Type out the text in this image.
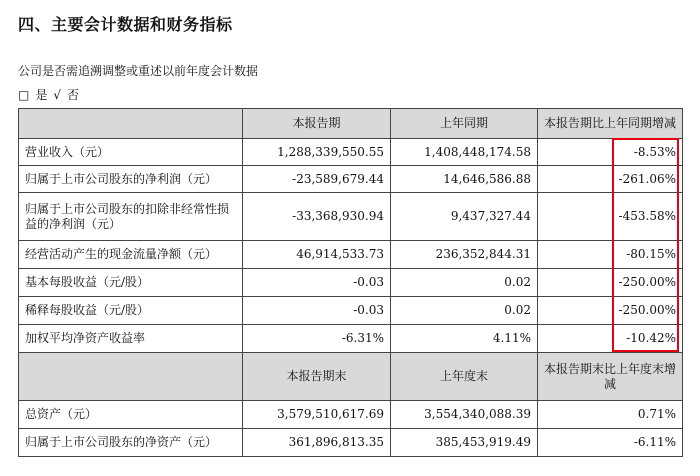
四、主要会计数据和财务指标
公司是否需追溯调整或重述以前年度会计数据
□ 是 √ 否
	本报告期	上年同期	本报告期比上年同期增减
营业收入（元）	1,288,339,550.55	1,408,448,174.58	-8.53%
归属于上市公司股东的净利润（元）	-23,589,679.44	14,646,586.88	-261.06%
归属于上市公司股东的扣除非经常性损益的净利润（元）	-33,368,930.94	9,437,327.44	-453.58%
经营活动产生的现金流量净额（元）	46,914,533.73	236,352,844.31	-80.15%
基本每股收益（元/股）	-0.03	0.02	-250.00%
稀释每股收益（元/股）	-0.03	0.02	-250.00%
加权平均净资产收益率	-6.31%	4.11%	-10.42%
	本报告期末	上年度末	本报告期末比上年度末增减
总资产（元）	3,579,510,617.69	3,554,340,088.39	0.71%
归属于上市公司股东的净资产（元）	361,896,813.35	385,453,919.49	-6.11%
